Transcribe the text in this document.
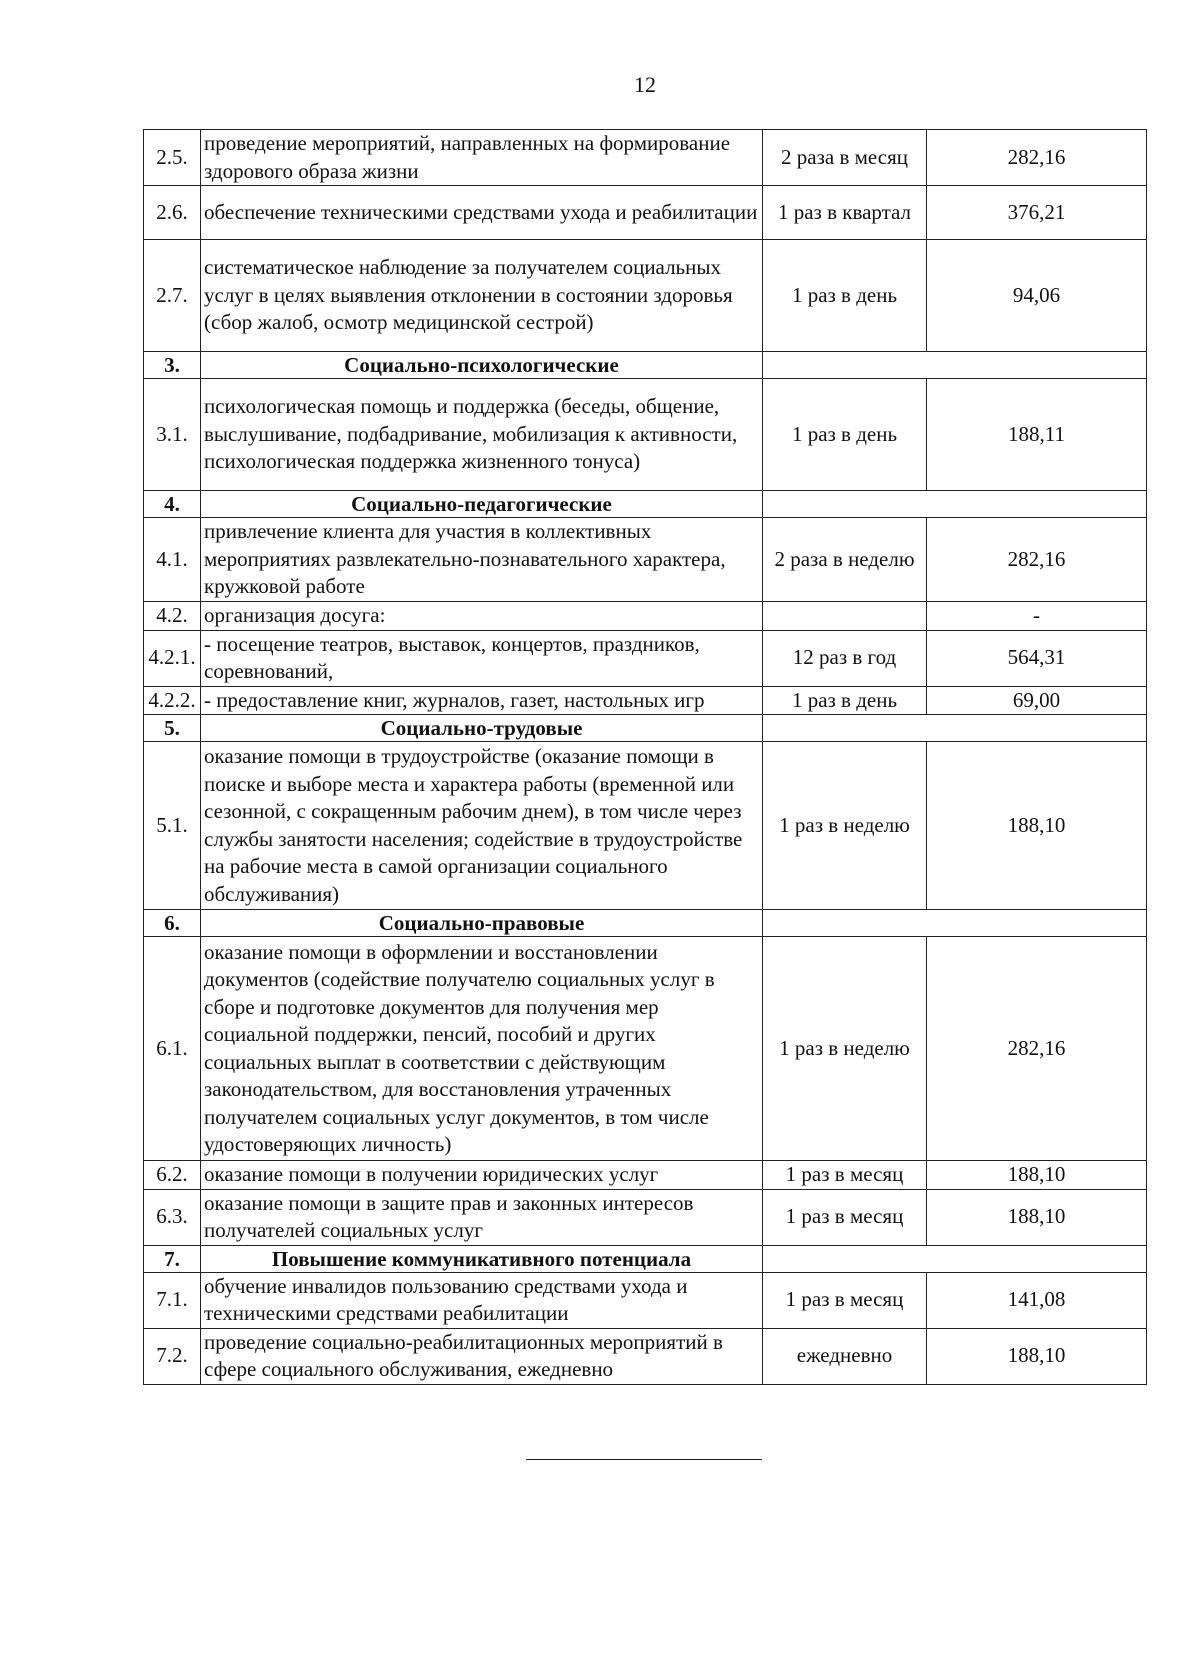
12
2.5.	проведение мероприятий, направленных на формирование здорового образа жизни	2 раза в месяц	282,16
2.6.	обеспечение техническими средствами ухода и реабилитации	1 раз в квартал	376,21
2.7.	систематическое наблюдение за получателем социальных услуг в целях выявления отклонении в состоянии здоровья (сбор жалоб, осмотр медицинской сестрой)	1 раз в день	94,06
3.	Социально-психологические		
3.1.	психологическая помощь и поддержка (беседы, общение, выслушивание, подбадривание, мобилизация к активности, психологическая поддержка жизненного тонуса)	1 раз в день	188,11
4.	Социально-педагогические		
4.1.	привлечение клиента для участия в коллективных мероприятиях развлекательно-познавательного характера, кружковой работе	2 раза в неделю	282,16
4.2.	организация досуга:		-
4.2.1.	- посещение театров, выставок, концертов, праздников, соревнований,	12 раз в год	564,31
4.2.2.	- предоставление книг, журналов, газет, настольных игр	1 раз в день	69,00
5.	Социально-трудовые		
5.1.	оказание помощи в трудоустройстве (оказание помощи в поиске и выборе места и характера работы (временной или сезонной, с сокращенным рабочим днем), в том числе через службы занятости населения; содействие в трудоустройстве на рабочие места в самой организации социального обслуживания)	1 раз в неделю	188,10
6.	Социально-правовые		
6.1.	оказание помощи в оформлении и восстановлении документов (содействие получателю социальных услуг в сборе и подготовке документов для получения мер социальной поддержки, пенсий, пособий и других социальных выплат в соответствии с действующим законодательством, для восстановления утраченных получателем социальных услуг документов, в том числе удостоверяющих личность)	1 раз в неделю	282,16
6.2.	оказание помощи в получении юридических услуг	1 раз в месяц	188,10
6.3.	оказание помощи в защите прав и законных интересов получателей социальных услуг	1 раз в месяц	188,10
7.	Повышение коммуникативного потенциала		
7.1.	обучение инвалидов пользованию средствами ухода и техническими средствами реабилитации	1 раз в месяц	141,08
7.2.	проведение социально-реабилитационных мероприятий в сфере социального обслуживания, ежедневно	ежедневно	188,10
